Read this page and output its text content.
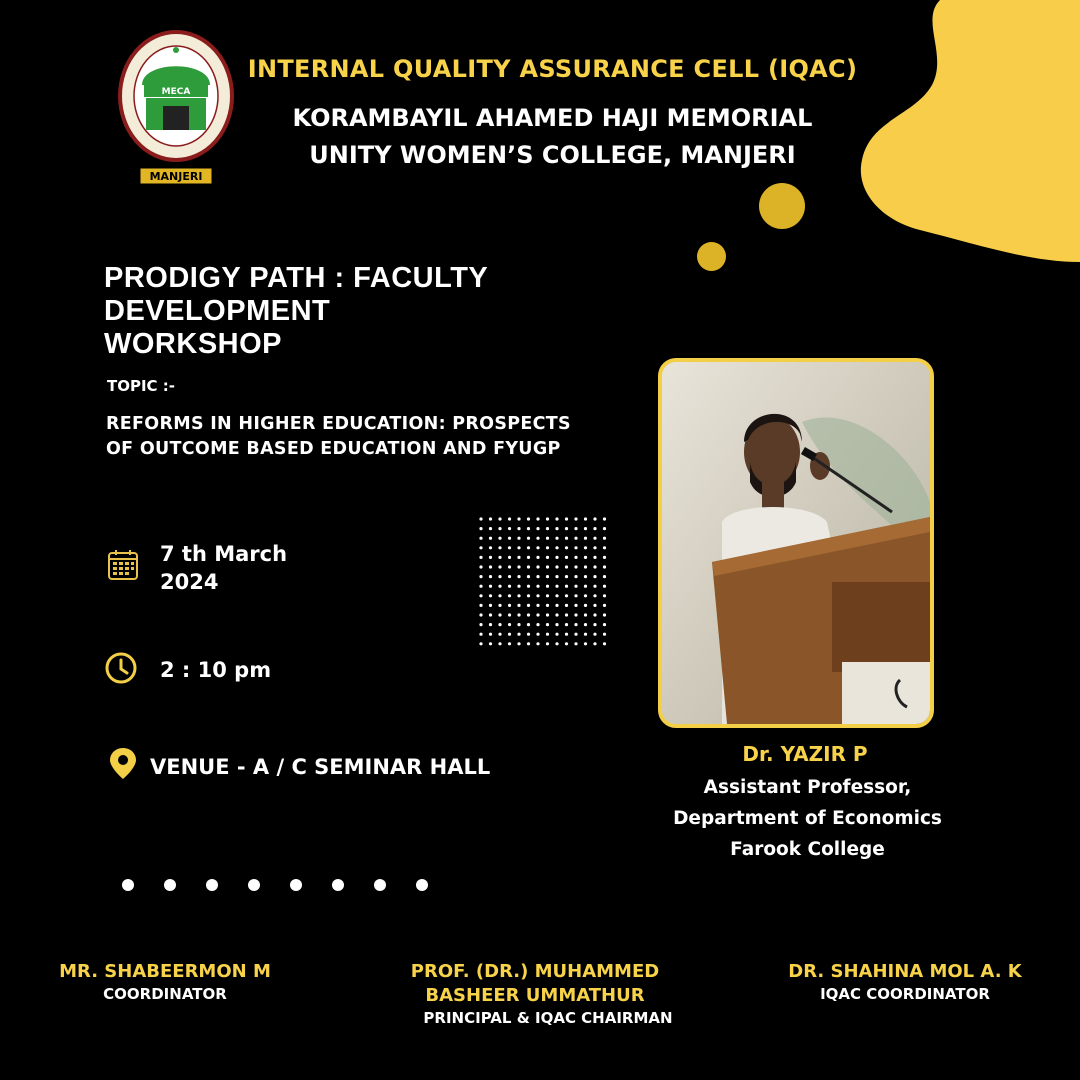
MECA
MANJERI
INTERNAL QUALITY ASSURANCE CELL (IQAC)
KORAMBAYIL AHAMED HAJI MEMORIAL
UNITY WOMEN’S COLLEGE, MANJERI
PRODIGY PATH : FACULTY DEVELOPMENT
WORKSHOP
TOPIC :-
REFORMS IN HIGHER EDUCATION: PROSPECTS
OF OUTCOME BASED EDUCATION AND FYUGP
7 th March
2024
2 : 10 pm
VENUE - A / C SEMINAR HALL
Dr. YAZIR P
Assistant Professor,
Department of Economics
Farook College
MR. SHABEERMON M
COORDINATOR
PROF. (DR.) MUHAMMED
BASHEER UMMATHUR
PRINCIPAL & IQAC CHAIRMAN
DR. SHAHINA MOL A. K
IQAC COORDINATOR
